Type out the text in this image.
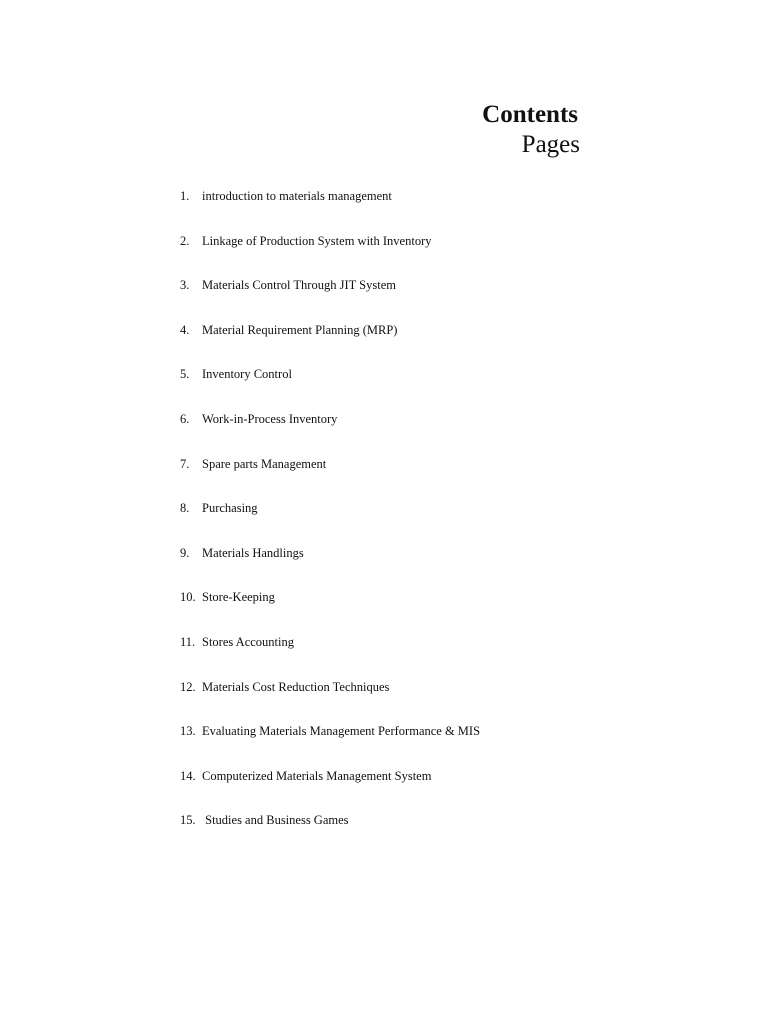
Contents
Pages
1.	introduction to materials management
2.	Linkage of Production System with Inventory
3.	Materials Control Through JIT System
4.	Material Requirement Planning (MRP)
5.	Inventory Control
6.	Work-in-Process Inventory
7.	Spare parts Management
8.	Purchasing
9.	Materials Handlings
10. Store-Keeping
11. Stores Accounting
12. Materials Cost Reduction Techniques
13. Evaluating Materials Management Performance & MIS
14. Computerized Materials Management System
15. Studies and Business Games
